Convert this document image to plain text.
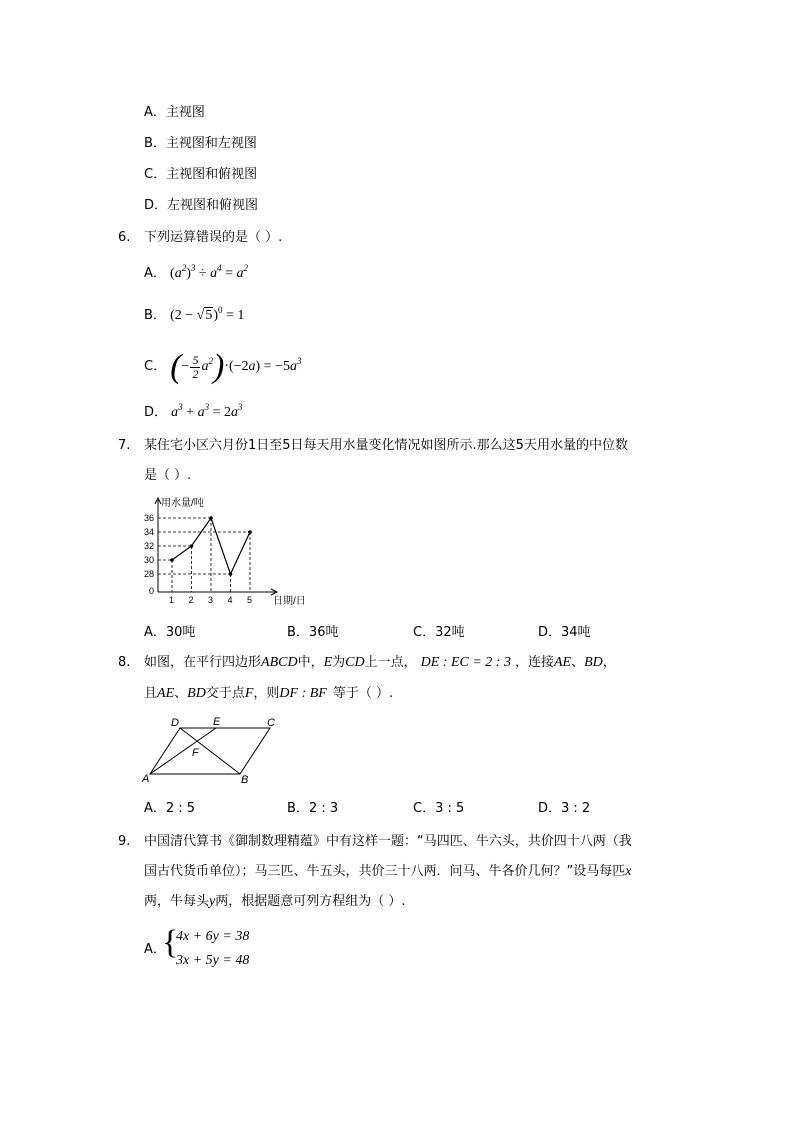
A．主视图
B．主视图和左视图
C．主视图和俯视图
D．左视图和俯视图
6. 下列运算错误的是（ ）.
A． $(a^2)^3 \div a^4 = a^2$
B． $(2 - √5)^0 = 1$
C． (− $\frac{5}{2} a^2)\cdot(-2a) = -5a^3$
D． $a^3 + a^3 = 2a^3$
7. 某住宅小区六月份1日至5日每天用水量变化情况如图所示.那么这5天用水量的中位数
是（ ）.
用水量/吨
日期/日
0
28
30
32
34
36
1 2 3 4 5
A．30吨	B．36吨	C．32吨	D．34吨
8. 如图，在平行四边形ABCD中，E为CD上一点， DE : EC = 2 : 3 ，连接AE、BD，
且AE、BD交于点F，则DF : BF 等于（ ）.
A	B
C
D	E
F
A．2 : 5	B．2 : 3	C．3 : 5	D．3 : 2
9. 中国清代算书《御制数理精蕴》中有这样一题：“马四匹、牛六头，共价四十八两（我
国古代货币单位）；马三匹、牛五头，共价三十八两．问马、牛各价几何？”设马每匹x
两，牛每头y两，根据题意可列方程组为（ ）.
A．
{
4x + 6y = 38
3x + 5y = 48
